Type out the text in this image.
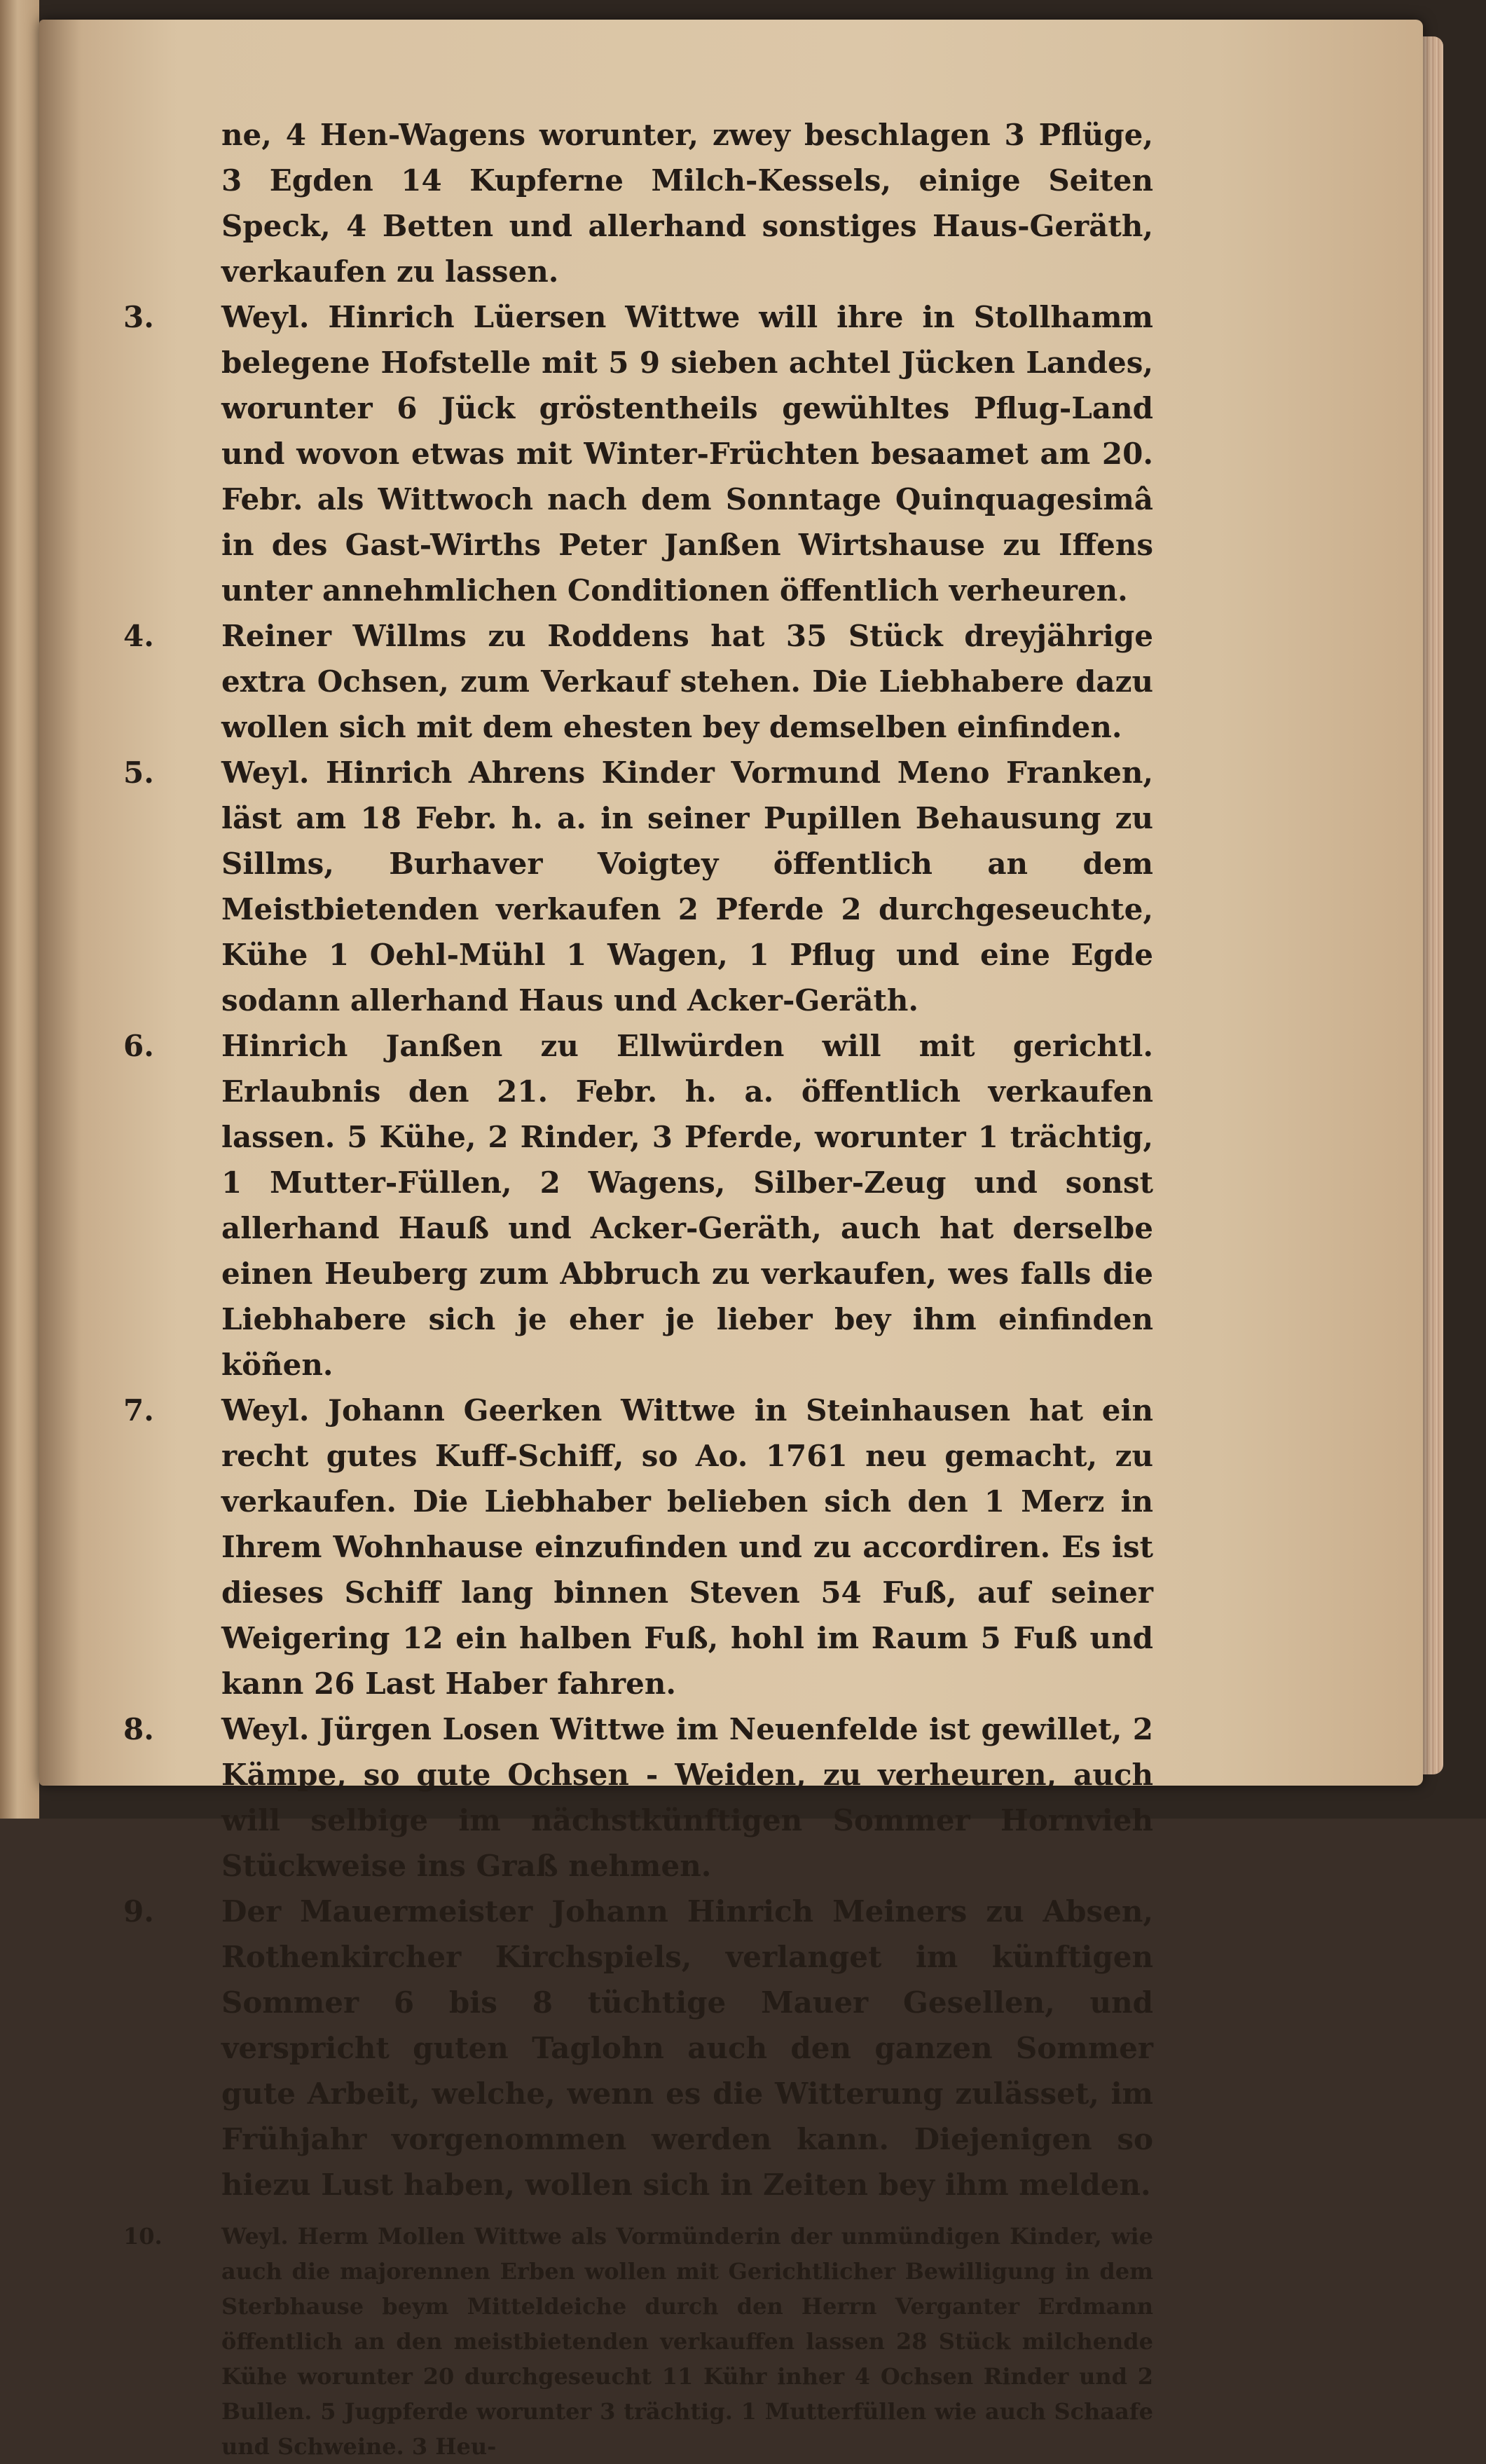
ne, 4 Hen-Wagens worunter, zwey beschlagen 3 Pflüge, 3 Egden 14 Kupferne Milch-Kessels, einige Seiten Speck, 4 Betten und allerhand sonstiges Haus-Geräth, verkaufen zu lassen.
3. Weyl. Hinrich Lüersen Wittwe will ihre in Stollhamm belegene Hofstelle mit 5 9 sieben achtel Jücken Landes, worunter 6 Jück gröstentheils gewühltes Pflug-Land und wovon etwas mit Winter-Früchten besaamet am 20. Febr. als Wittwoch nach dem Sonntage Quinquagesimâ in des Gast-Wirths Peter Janßen Wirtshause zu Iffens unter annehmlichen Conditionen öffentlich verheuren.
4. Reiner Willms zu Roddens hat 35 Stück dreyjährige extra Ochsen, zum Verkauf stehen. Die Liebhabere dazu wollen sich mit dem ehesten bey demselben einfinden.
5. Weyl. Hinrich Ahrens Kinder Vormund Meno Franken, läst am 18 Febr. h. a. in seiner Pupillen Behausung zu Sillms, Burhaver Voigtey öffentlich an dem Meistbietenden verkaufen 2 Pferde 2 durchgeseuchte, Kühe 1 Oehl-Mühl 1 Wagen, 1 Pflug und eine Egde sodann allerhand Haus und Acker-Geräth.
6. Hinrich Janßen zu Ellwürden will mit gerichtl. Erlaubnis den 21. Febr. h. a. öffentlich verkaufen lassen. 5 Kühe, 2 Rinder, 3 Pferde, worunter 1 trächtig, 1 Mutter-Füllen, 2 Wagens, Silber-Zeug und sonst allerhand Hauß und Acker-Geräth, auch hat derselbe einen Heuberg zum Abbruch zu verkaufen, wes falls die Liebhabere sich je eher je lieber bey ihm einfinden köñen.
7. Weyl. Johann Geerken Wittwe in Steinhausen hat ein recht gutes Kuff-Schiff, so Ao. 1761 neu gemacht, zu verkaufen. Die Liebhaber belieben sich den 1 Merz in Ihrem Wohnhause einzufinden und zu accordiren. Es ist dieses Schiff lang binnen Steven 54 Fuß, auf seiner Weigering 12 ein halben Fuß, hohl im Raum 5 Fuß und kann 26 Last Haber fahren.
8. Weyl. Jürgen Losen Wittwe im Neuenfelde ist gewillet, 2 Kämpe, so gute Ochsen - Weiden, zu verheuren, auch will selbige im nächstkünftigen Sommer Hornvieh Stückweise ins Graß nehmen.
9. Der Mauermeister Johann Hinrich Meiners zu Absen, Rothenkircher Kirchspiels, verlanget im künftigen Sommer 6 bis 8 tüchtige Mauer Gesellen, und verspricht guten Taglohn auch den ganzen Sommer gute Arbeit, welche, wenn es die Witterung zulässet, im Frühjahr vorgenommen werden kann. Diejenigen so hiezu Lust haben, wollen sich in Zeiten bey ihm melden.
10.	Weyl. Herm Mollen Wittwe als Vormünderin der unmündigen Kinder, wie auch die majorennen Erben wollen mit Gerichtlicher Bewilligung in dem Sterbhause beym Mitteldeiche durch den Herrn Verganter Erdmann öffentlich an den meistbietenden verkauffen lassen 28 Stück milchende Kühe worunter 20 durchgeseucht 11 Kühr inher 4 Ochsen Rinder und 2 Bullen. 5 Jugpferde worunter 3 trächtig. 1 Mutterfüllen wie auch Schaafe und Schweine. 3 Heu-
